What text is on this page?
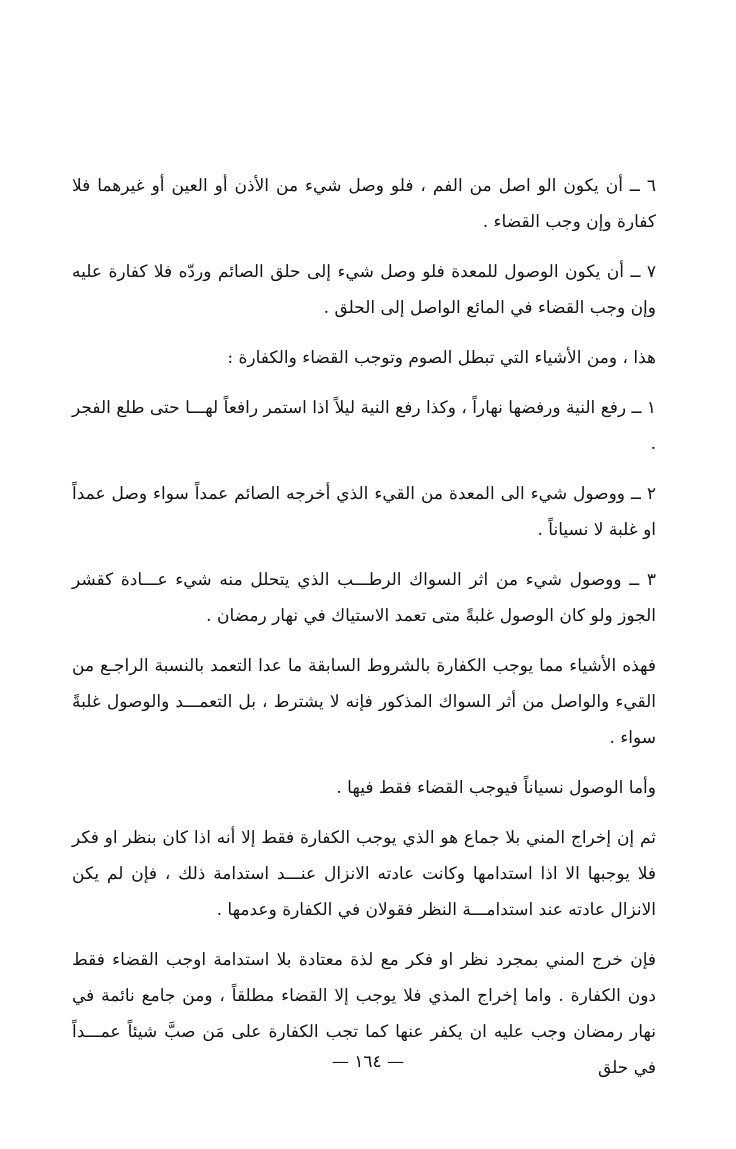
٦ ــ أن يكون الو اصل من الفم ، فلو وصل شيء من الأذن أو العين أو غيرهما فلا كفارة وإن وجب القضاء .

٧ ــ أن يكون الوصول للمعدة فلو وصل شيء إلى حلق الصائم وردّه فلا كفارة عليه وإن وجب القضاء في المائع الواصل إلى الحلق .

هذا ، ومن الأشياء التي تبطل الصوم وتوجب القضاء والكفارة :

١ ــ رفع النية ورفضها نهاراً ، وكذا رفع النية ليلاً اذا استمر رافعاً لهـــا حتى طلع الفجر .

٢ ــ ووصول شيء الى المعدة من القيء الذي أخرجه الصائم عمداً سواء وصل عمداً او غلبة لا نسياناً .

٣ ــ ووصول شيء من اثر السواك الرطـــب الذي يتحلل منه شيء عـــادة كقشر الجوز ولو كان الوصول غلبةً متى تعمد الاستياك في نهار رمضان .

فهذه الأشياء مما يوجب الكفارة بالشروط السابقة ما عدا التعمد بالنسبة الراجـع من القيء والواصل من أثر السواك المذكور فإنه لا يشترط ، بل التعمـــد والوصول غلبةً سواء .

وأما الوصول نسياناً فيوجب القضاء فقط فيها .

ثم إن إخراج المني بلا جماع هو الذي يوجب الكفارة فقط إلا أنه اذا كان بنظر او فكر فلا يوجبها الا اذا استدامها وكانت عادته الانزال عنـــد استدامة ذلك ، فإن لم يكن الانزال عادته عند استدامـــة النظر فقولان في الكفارة وعدمها .

فإن خرج المني بمجرد نظر او فكر مع لذة معتادة بلا استدامة اوجب القضاء فقط دون الكفارة . واما إخراج المذي فلا يوجب إلا القضاء مطلقاً ، ومن جامع نائمة في نهار رمضان وجب عليه ان يكفر عنها كما تجب الكفارة على مَن صبَّ شيئاً عمـــداً في حلق

— ١٦٤ —
